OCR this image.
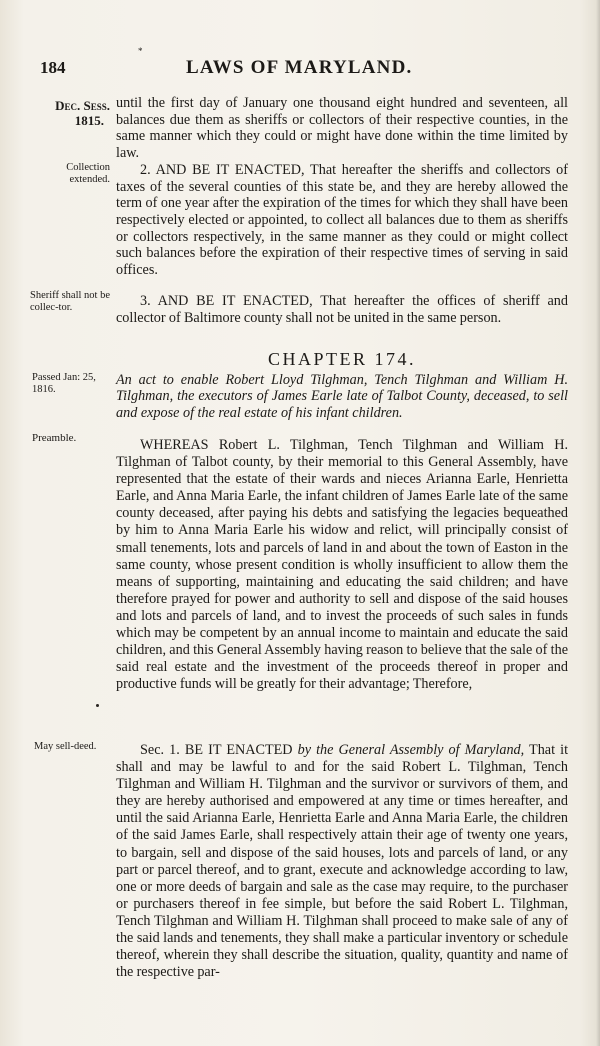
184
*
LAWS OF MARYLAND.
Dec. Sess.
1815.
Collection extended.
Sheriff shall not be collec-tor.
Passed Jan: 25, 1816.
Preamble.
May sell-deed.
until the first day of January one thousand eight hundred and seventeen, all balances due them as sheriffs or collectors of their respective counties, in the same manner which they could or might have done within the time limited by law.
2. AND BE IT ENACTED, That hereafter the sheriffs and collectors of taxes of the several counties of this state be, and they are hereby allowed the term of one year after the expiration of the times for which they shall have been respectively elected or appointed, to collect all balances due to them as sheriffs or collectors respectively, in the same manner as they could or might collect such balances before the expiration of their respective times of serving in said offices.
3. AND BE IT ENACTED, That hereafter the offices of sheriff and collector of Baltimore county shall not be united in the same person.
CHAPTER 174.
An act to enable Robert Lloyd Tilghman, Tench Tilghman and William H. Tilghman, the executors of James Earle late of Talbot County, deceased, to sell and expose of the real estate of his infant children.
WHEREAS Robert L. Tilghman, Tench Tilghman and William H. Tilghman of Talbot county, by their memorial to this General Assembly, have represented that the estate of their wards and nieces Arianna Earle, Henrietta Earle, and Anna Maria Earle, the infant children of James Earle late of the same county deceased, after paying his debts and satisfying the legacies bequeathed by him to Anna Maria Earle his widow and relict, will principally consist of small tenements, lots and parcels of land in and about the town of Easton in the same county, whose present condition is wholly insufficient to allow them the means of supporting, maintaining and educating the said children; and have therefore prayed for power and authority to sell and dispose of the said houses and lots and parcels of land, and to invest the proceeds of such sales in funds which may be competent by an annual income to maintain and educate the said children, and this General Assembly having reason to believe that the sale of the said real estate and the investment of the proceeds thereof in proper and productive funds will be greatly for their advantage; Therefore,
Sec. 1. BE IT ENACTED by the General Assembly of Maryland, That it shall and may be lawful to and for the said Robert L. Tilghman, Tench Tilghman and William H. Tilghman and the survivor or survivors of them, and they are hereby authorised and empowered at any time or times hereafter, and until the said Arianna Earle, Henrietta Earle and Anna Maria Earle, the children of the said James Earle, shall respectively attain their age of twenty one years, to bargain, sell and dispose of the said houses, lots and parcels of land, or any part or parcel thereof, and to grant, execute and acknowledge according to law, one or more deeds of bargain and sale as the case may require, to the purchaser or purchasers thereof in fee simple, but before the said Robert L. Tilghman, Tench Tilghman and William H. Tilghman shall proceed to make sale of any of the said lands and tenements, they shall make a particular inventory or schedule thereof, wherein they shall describe the situation, quality, quantity and name of the respective par-
